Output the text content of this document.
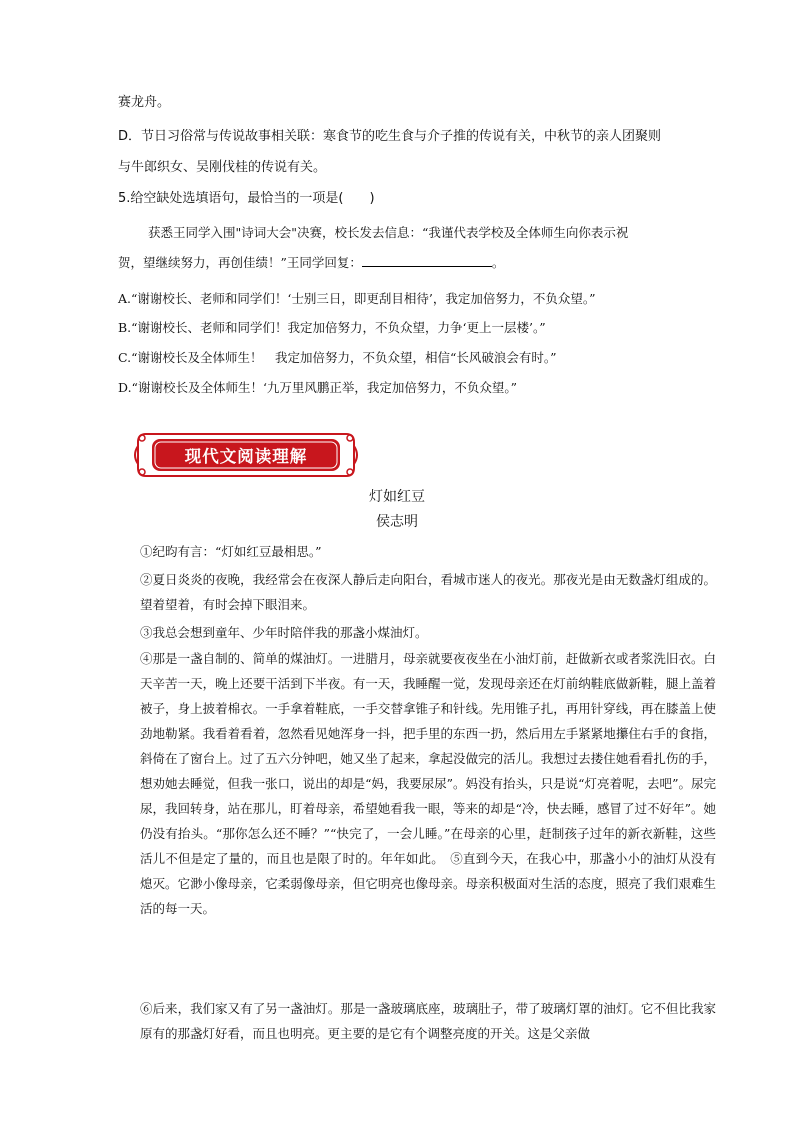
赛龙舟。
D．节日习俗常与传说故事相关联：寒食节的吃生食与介子推的传说有关，中秋节的亲人团聚则
与牛郎织女、吴刚伐桂的传说有关。
5.给空缺处选填语句，最恰当的一项是(　　)
获悉王同学入围"诗词大会"决赛，校长发去信息：“我谨代表学校及全体师生向你表示祝
贺，望继续努力，再创佳绩！”王同学回复：	。
A.“谢谢校长、老师和同学们！‘士别三日，即更刮目相待’，我定加倍努力，不负众望。”
B.“谢谢校长、老师和同学们！我定加倍努力，不负众望，力争‘更上一层楼’。”
C.“谢谢校长及全体师生！　我定加倍努力，不负众望，相信“长风破浪会有时。”
D.“谢谢校长及全体师生！‘九万里风鹏正举，我定加倍努力，不负众望。”
现代文阅读理解
灯如红豆
侯志明
①纪昀有言：“灯如红豆最相思。”
②夏日炎炎的夜晚，我经常会在夜深人静后走向阳台，看城市迷人的夜光。那夜光是由无数盏灯组成的。望着望着，有时会掉下眼泪来。
③我总会想到童年、少年时陪伴我的那盏小煤油灯。
④那是一盏自制的、简单的煤油灯。一进腊月，母亲就要夜夜坐在小油灯前，赶做新衣或者浆洗旧衣。白天辛苦一天，晚上还要干活到下半夜。有一天，我睡醒一觉，发现母亲还在灯前纳鞋底做新鞋，腿上盖着被子，身上披着棉衣。一手拿着鞋底，一手交替拿锥子和针线。先用锥子扎，再用针穿线，再在膝盖上使劲地勒紧。我看着看着，忽然看见她浑身一抖，把手里的东西一扔，然后用左手紧紧地攥住右手的食指，斜倚在了窗台上。过了五六分钟吧，她又坐了起来，拿起没做完的活儿。我想过去搂住她看看扎伤的手，想劝她去睡觉，但我一张口，说出的却是“妈，我要尿尿”。妈没有抬头，只是说“灯亮着呢，去吧”。尿完尿，我回转身，站在那儿，盯着母亲，希望她看我一眼，等来的却是“冷，快去睡，感冒了过不好年”。她仍没有抬头。“那你怎么还不睡？”“快完了，一会儿睡。”在母亲的心里，赶制孩子过年的新衣新鞋，这些活儿不但是定了量的，而且也是限了时的。年年如此。　⑤直到今天，在我心中，那盏小小的油灯从没有熄灭。它渺小像母亲，它柔弱像母亲，但它明亮也像母亲。母亲积极面对生活的态度，照亮了我们艰难生活的每一天。
⑥后来，我们家又有了另一盏油灯。那是一盏玻璃底座，玻璃肚子，带了玻璃灯罩的油灯。它不但比我家原有的那盏灯好看，而且也明亮。更主要的是它有个调整亮度的开关。这是父亲做
